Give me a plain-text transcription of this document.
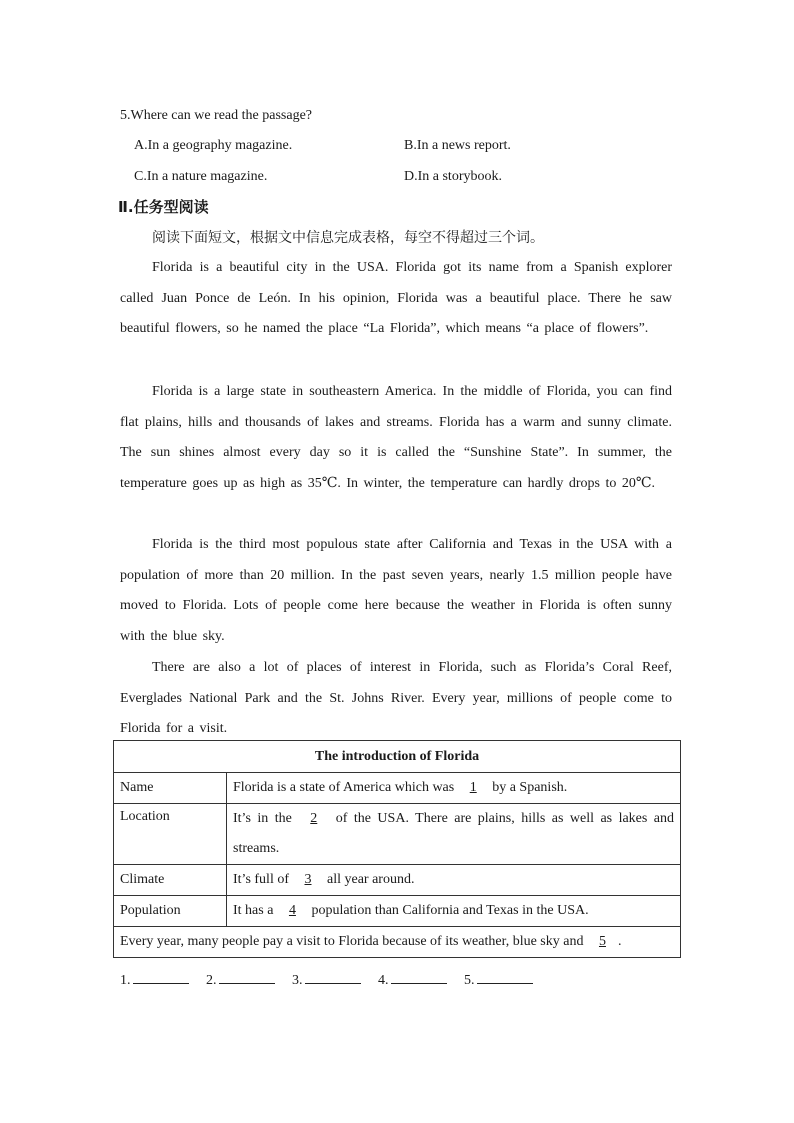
5.Where can we read the passage?
A.In a geography magazine.	B.In a news report.
C.In a nature magazine.	D.In a storybook.
Ⅱ.任务型阅读
阅读下面短文，根据文中信息完成表格，每空不得超过三个词。

Florida is a beautiful city in the USA. Florida got its name from a Spanish explorer called Juan Ponce de León. In his opinion, Florida was a beautiful place. There he saw beautiful flowers, so he named the place “La Florida”, which means “a place of flowers”.

Florida is a large state in southeastern America. In the middle of Florida, you can find flat plains, hills and thousands of lakes and streams. Florida has a warm and sunny climate. The sun shines almost every day so it is called the “Sunshine State”. In summer, the temperature goes up as high as 35℃. In winter, the temperature can hardly drops to 20℃.

Florida is the third most populous state after California and Texas in the USA with a population of more than 20 million. In the past seven years, nearly 1.5 million people have moved to Florida. Lots of people come here because the weather in Florida is often sunny with the blue sky.

There are also a lot of places of interest in Florida, such as Florida’s Coral Reef, Everglades National Park and the St. Johns River. Every year, millions of people come to Florida for a visit.

The introduction of Florida	
Name	Florida is a state of America which was 1 by a Spanish.
Location	It’s in the 2 of the USA. There are plains, hills as well as lakes and streams.
Climate	It’s full of 3 all year around.
Population	It has a 4 population than California and Texas in the USA.
Every year, many people pay a visit to Florida because of its weather, blue sky and 5 .	
1.	2.	3.	4.	5.
